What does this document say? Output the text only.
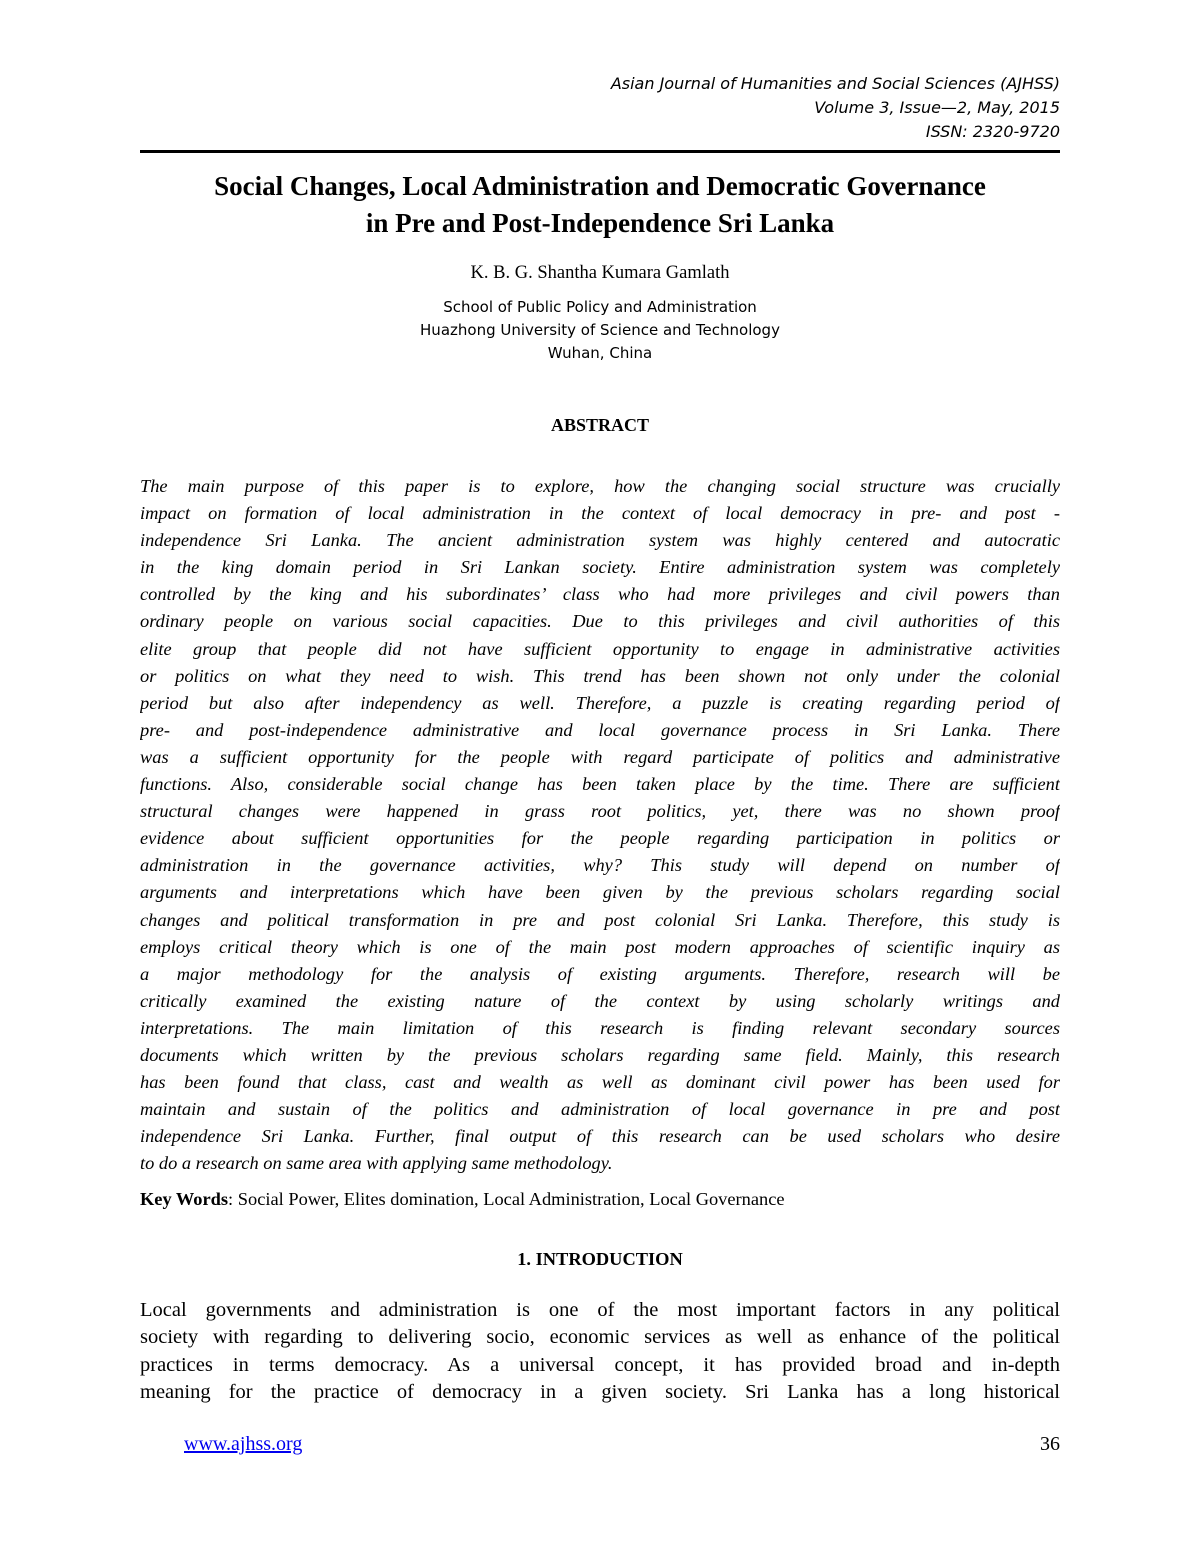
Asian Journal of Humanities and Social Sciences (AJHSS)
Volume 3, Issue—2, May, 2015
ISSN: 2320-9720
Social Changes, Local Administration and Democratic Governance
in Pre and Post-Independence Sri Lanka
K. B. G. Shantha Kumara Gamlath
School of Public Policy and Administration
Huazhong University of Science and Technology
Wuhan, China
ABSTRACT
The main purpose of this paper is to explore, how the changing social structure was crucially
impact on formation of local administration in the context of local democracy in pre- and post -
independence Sri Lanka. The ancient administration system was highly centered and autocratic
in the king domain period in Sri Lankan society. Entire administration system was completely
controlled by the king and his subordinates’ class who had more privileges and civil powers than
ordinary people on various social capacities. Due to this privileges and civil authorities of this
elite group that people did not have sufficient opportunity to engage in administrative activities
or politics on what they need to wish. This trend has been shown not only under the colonial
period but also after independency as well. Therefore, a puzzle is creating regarding period of
pre- and post-independence administrative and local governance process in Sri Lanka. There
was a sufficient opportunity for the people with regard participate of politics and administrative
functions. Also, considerable social change has been taken place by the time. There are sufficient
structural changes were happened in grass root politics, yet, there was no shown proof
evidence about sufficient opportunities for the people regarding participation in politics or
administration in the governance activities, why? This study will depend on number of
arguments and interpretations which have been given by the previous scholars regarding social
changes and political transformation in pre and post colonial Sri Lanka. Therefore, this study is
employs critical theory which is one of the main post modern approaches of scientific inquiry as
a major methodology for the analysis of existing arguments. Therefore, research will be
critically examined the existing nature of the context by using scholarly writings and
interpretations. The main limitation of this research is finding relevant secondary sources
documents which written by the previous scholars regarding same field. Mainly, this research
has been found that class, cast and wealth as well as dominant civil power has been used for
maintain and sustain of the politics and administration of local governance in pre and post
independence Sri Lanka. Further, final output of this research can be used scholars who desire
to do a research on same area with applying same methodology.
Key Words: Social Power, Elites domination, Local Administration, Local Governance
1. INTRODUCTION
Local governments and administration is one of the most important factors in any political
society with regarding to delivering socio, economic services as well as enhance of the political
practices in terms democracy. As a universal concept, it has provided broad and in-depth
meaning for the practice of democracy in a given society. Sri Lanka has a long historical
www.ajhss.org	36
